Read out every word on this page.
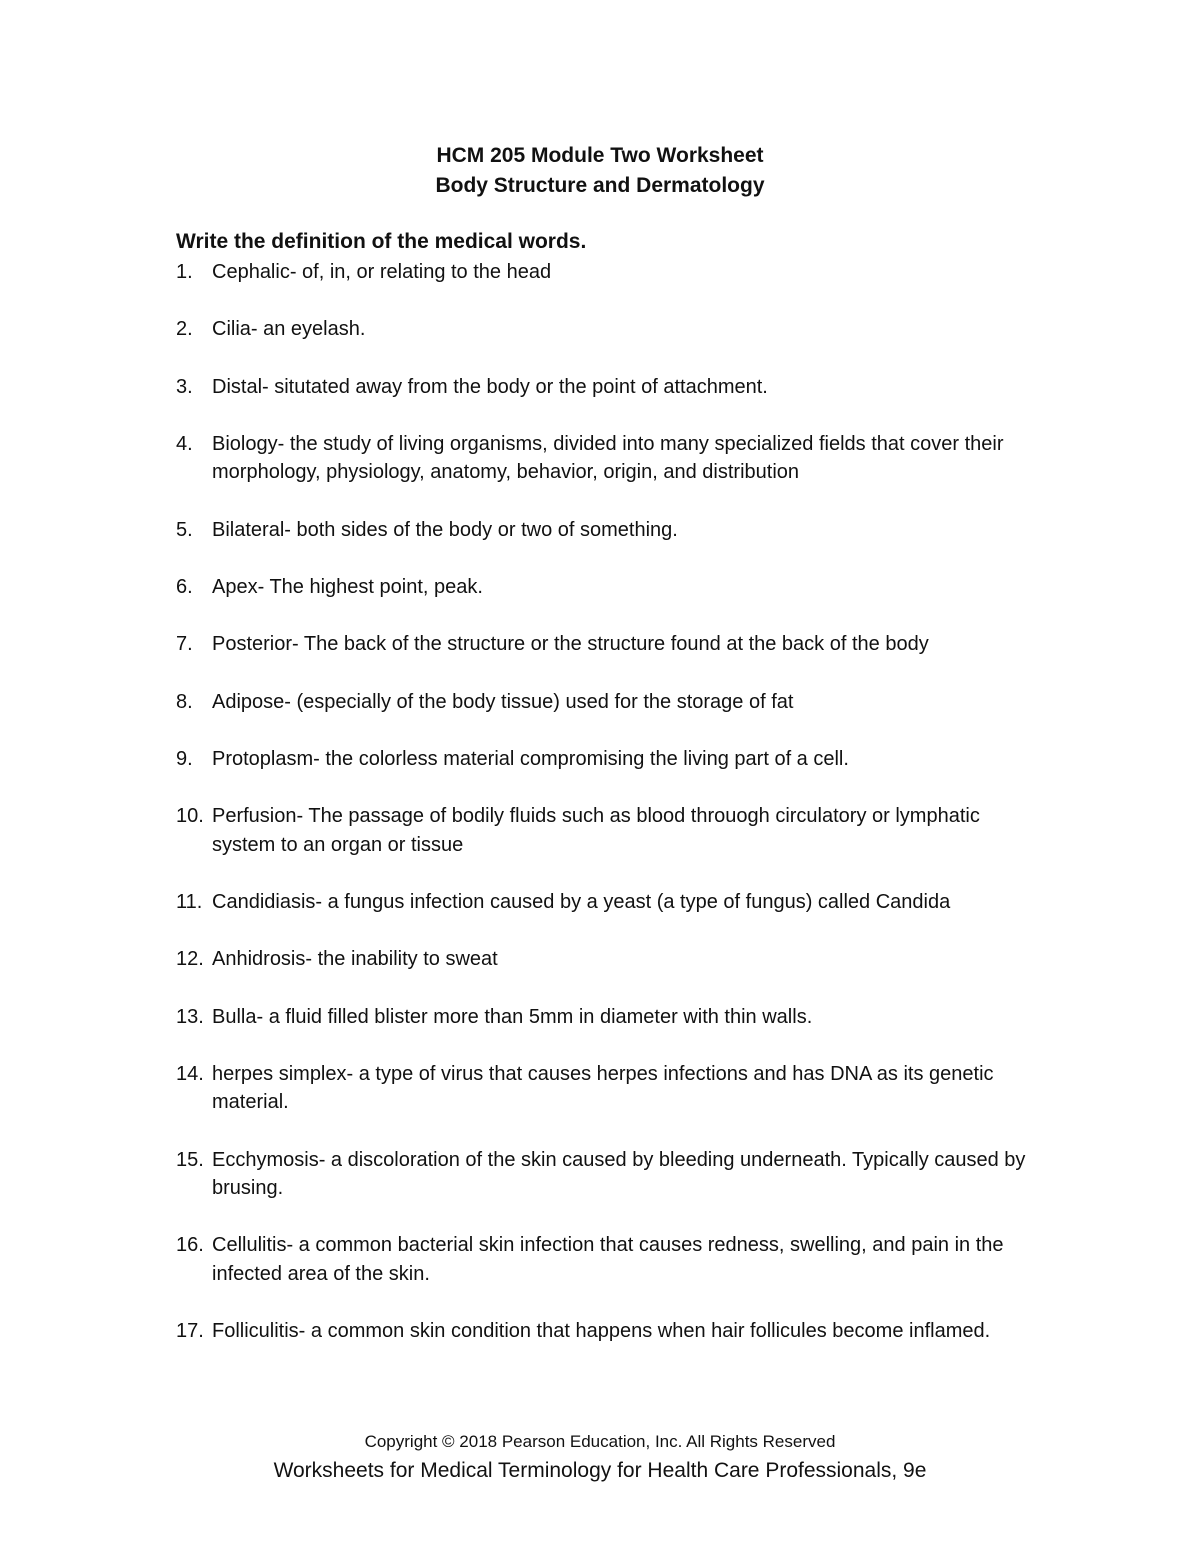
HCM 205 Module Two Worksheet
Body Structure and Dermatology
Write the definition of the medical words.
1. Cephalic- of, in, or relating to the head
2. Cilia- an eyelash.
3. Distal- situtated away from the body or the point of attachment.
4. Biology- the study of living organisms, divided into many specialized fields that cover their morphology, physiology, anatomy, behavior, origin, and distribution
5. Bilateral- both sides of the body or two of something.
6. Apex- The highest point, peak.
7. Posterior- The back of the structure or the structure found at the back of the body
8. Adipose- (especially of the body tissue) used for the storage of fat
9. Protoplasm- the colorless material compromising the living part of a cell.
10. Perfusion- The passage of bodily fluids such as blood throuogh circulatory or lymphatic system to an organ or tissue
11. Candidiasis- a fungus infection caused by a yeast (a type of fungus) called Candida
12. Anhidrosis- the inability to sweat
13. Bulla- a fluid filled blister more than 5mm in diameter with thin walls.
14. herpes simplex- a type of virus that causes herpes infections and has DNA as its genetic material.
15. Ecchymosis- a discoloration of the skin caused by bleeding underneath. Typically caused by brusing.
16. Cellulitis- a common bacterial skin infection that causes redness, swelling, and pain in the infected area of the skin.
17. Folliculitis- a common skin condition that happens when hair follicules become inflamed.
Copyright © 2018 Pearson Education, Inc. All Rights Reserved
Worksheets for Medical Terminology for Health Care Professionals, 9e
